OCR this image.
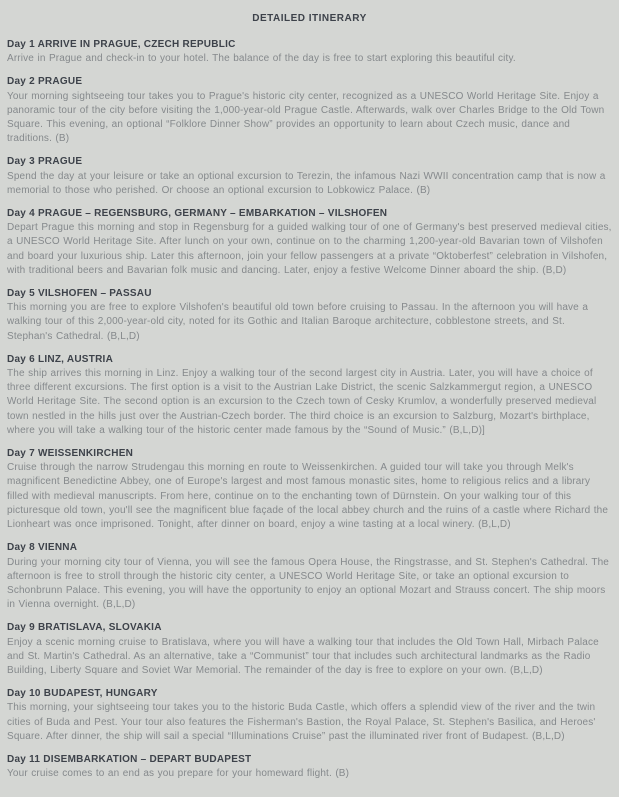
DETAILED ITINERARY
Day 1 ARRIVE IN PRAGUE, CZECH REPUBLIC

Arrive in Prague and check-in to your hotel. The balance of the day is free to start exploring this beautiful city.

Day 2 PRAGUE

Your morning sightseeing tour takes you to Prague's historic city center, recognized as a UNESCO World Heritage Site. Enjoy a panoramic tour of the city before visiting the 1,000-year-old Prague Castle. Afterwards, walk over Charles Bridge to the Old Town Square. This evening, an optional “Folklore Dinner Show” provides an opportunity to learn about Czech music, dance and traditions. (B)

Day 3 PRAGUE

Spend the day at your leisure or take an optional excursion to Terezin, the infamous Nazi WWII concentration camp that is now a memorial to those who perished. Or choose an optional excursion to Lobkowicz Palace. (B)

Day 4 PRAGUE – REGENSBURG, GERMANY – EMBARKATION – VILSHOFEN

Depart Prague this morning and stop in Regensburg for a guided walking tour of one of Germany's best preserved medieval cities, a UNESCO World Heritage Site. After lunch on your own, continue on to the charming 1,200-year-old Bavarian town of Vilshofen and board your luxurious ship. Later this afternoon, join your fellow passengers at a private “Oktoberfest” celebration in Vilshofen, with traditional beers and Bavarian folk music and dancing. Later, enjoy a festive Welcome Dinner aboard the ship. (B,D)

Day 5 VILSHOFEN – PASSAU

This morning you are free to explore Vilshofen's beautiful old town before cruising to Passau. In the afternoon you will have a walking tour of this 2,000-year-old city, noted for its Gothic and Italian Baroque architecture, cobblestone streets, and St. Stephan's Cathedral. (B,L,D)

Day 6 LINZ, AUSTRIA

The ship arrives this morning in Linz. Enjoy a walking tour of the second largest city in Austria. Later, you will have a choice of three different excursions. The first option is a visit to the Austrian Lake District, the scenic Salzkammergut region, a UNESCO World Heritage Site. The second option is an excursion to the Czech town of Cesky Krumlov, a wonderfully preserved medieval town nestled in the hills just over the Austrian-Czech border. The third choice is an excursion to Salzburg, Mozart's birthplace, where you will take a walking tour of the historic center made famous by the “Sound of Music.” (B,L,D)]

Day 7 WEISSENKIRCHEN

Cruise through the narrow Strudengau this morning en route to Weissenkirchen. A guided tour will take you through Melk's magnificent Benedictine Abbey, one of Europe's largest and most famous monastic sites, home to religious relics and a library filled with medieval manuscripts. From here, continue on to the enchanting town of Dürnstein. On your walking tour of this picturesque old town, you'll see the magnificent blue façade of the local abbey church and the ruins of a castle where Richard the Lionheart was once imprisoned. Tonight, after dinner on board, enjoy a wine tasting at a local winery. (B,L,D)

Day 8 VIENNA

During your morning city tour of Vienna, you will see the famous Opera House, the Ringstrasse, and St. Stephen's Cathedral. The afternoon is free to stroll through the historic city center, a UNESCO World Heritage Site, or take an optional excursion to Schonbrunn Palace. This evening, you will have the opportunity to enjoy an optional Mozart and Strauss concert. The ship moors in Vienna overnight. (B,L,D)

Day 9 BRATISLAVA, SLOVAKIA

Enjoy a scenic morning cruise to Bratislava, where you will have a walking tour that includes the Old Town Hall, Mirbach Palace and St. Martin's Cathedral. As an alternative, take a “Communist” tour that includes such architectural landmarks as the Radio Building, Liberty Square and Soviet War Memorial. The remainder of the day is free to explore on your own. (B,L,D)

Day 10 BUDAPEST, HUNGARY

This morning, your sightseeing tour takes you to the historic Buda Castle, which offers a splendid view of the river and the twin cities of Buda and Pest. Your tour also features the Fisherman's Bastion, the Royal Palace, St. Stephen's Basilica, and Heroes' Square. After dinner, the ship will sail a special “Illuminations Cruise” past the illuminated river front of Budapest. (B,L,D)

Day 11 DISEMBARKATION – DEPART BUDAPEST

Your cruise comes to an end as you prepare for your homeward flight. (B)
